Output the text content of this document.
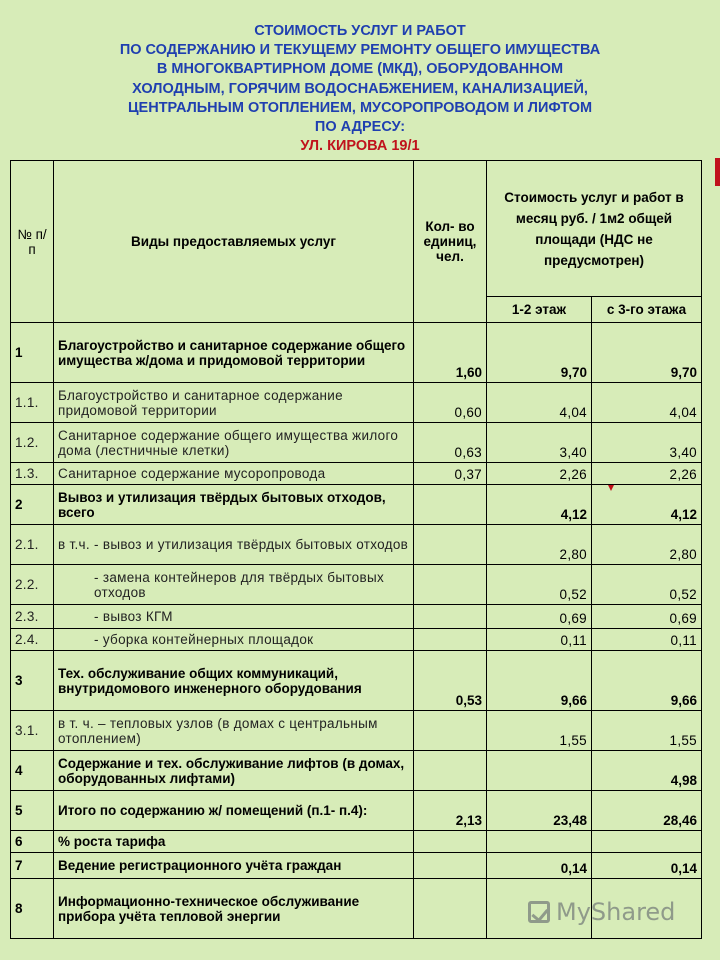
СТОИМОСТЬ УСЛУГ И РАБОТ
ПО СОДЕРЖАНИЮ И ТЕКУЩЕМУ РЕМОНТУ ОБЩЕГО ИМУЩЕСТВА
В МНОГОКВАРТИРНОМ ДОМЕ (МКД), ОБОРУДОВАННОМ
ХОЛОДНЫМ, ГОРЯЧИМ ВОДОСНАБЖЕНИЕМ, КАНАЛИЗАЦИЕЙ,
ЦЕНТРАЛЬНЫМ ОТОПЛЕНИЕМ, МУСОРОПРОВОДОМ И ЛИФТОМ
ПО АДРЕСУ:
УЛ. КИРОВА 19/1
№ п/п	Виды предоставляемых услуг	Кол- во единиц, чел.	Стоимость услуг и работ в месяц руб. / 1м2 общей площади (НДС не предусмотрен)	
			1-2 этаж	с 3-го этажа
1	Благоустройство и санитарное содержание общего имущества ж/дома и придомовой территории	1,60	9,70	9,70
1.1.	Благоустройство и санитарное содержание придомовой территории	0,60	4,04	4,04
1.2.	Санитарное содержание общего имущества жилого дома (лестничные клетки)	0,63	3,40	3,40
1.3.	Санитарное содержание мусоропровода	0,37	2,26	2,26
2	Вывоз и утилизация твёрдых бытовых отходов, всего		4,12	4,12
2.1.	в т.ч. - вывоз и утилизация твёрдых бытовых отходов		2,80	2,80
2.2.	- замена контейнеров для твёрдых бытовых отходов		0,52	0,52
2.3.	- вывоз КГМ		0,69	0,69
2.4.	- уборка контейнерных площадок		0,11	0,11
3	Тех. обслуживание общих коммуникаций, внутридомового инженерного оборудования	0,53	9,66	9,66
3.1.	в т. ч. – тепловых узлов (в домах с центральным отоплением)		1,55	1,55
4	Содержание и тех. обслуживание лифтов (в домах, оборудованных лифтами)			4,98
5	Итого по содержанию ж/ помещений (п.1- п.4):	2,13	23,48	28,46
6	% роста тарифа			
7	Ведение регистрационного учёта граждан		0,14	0,14
8	Информационно-техническое обслуживание прибора учёта тепловой энергии				MyShared
